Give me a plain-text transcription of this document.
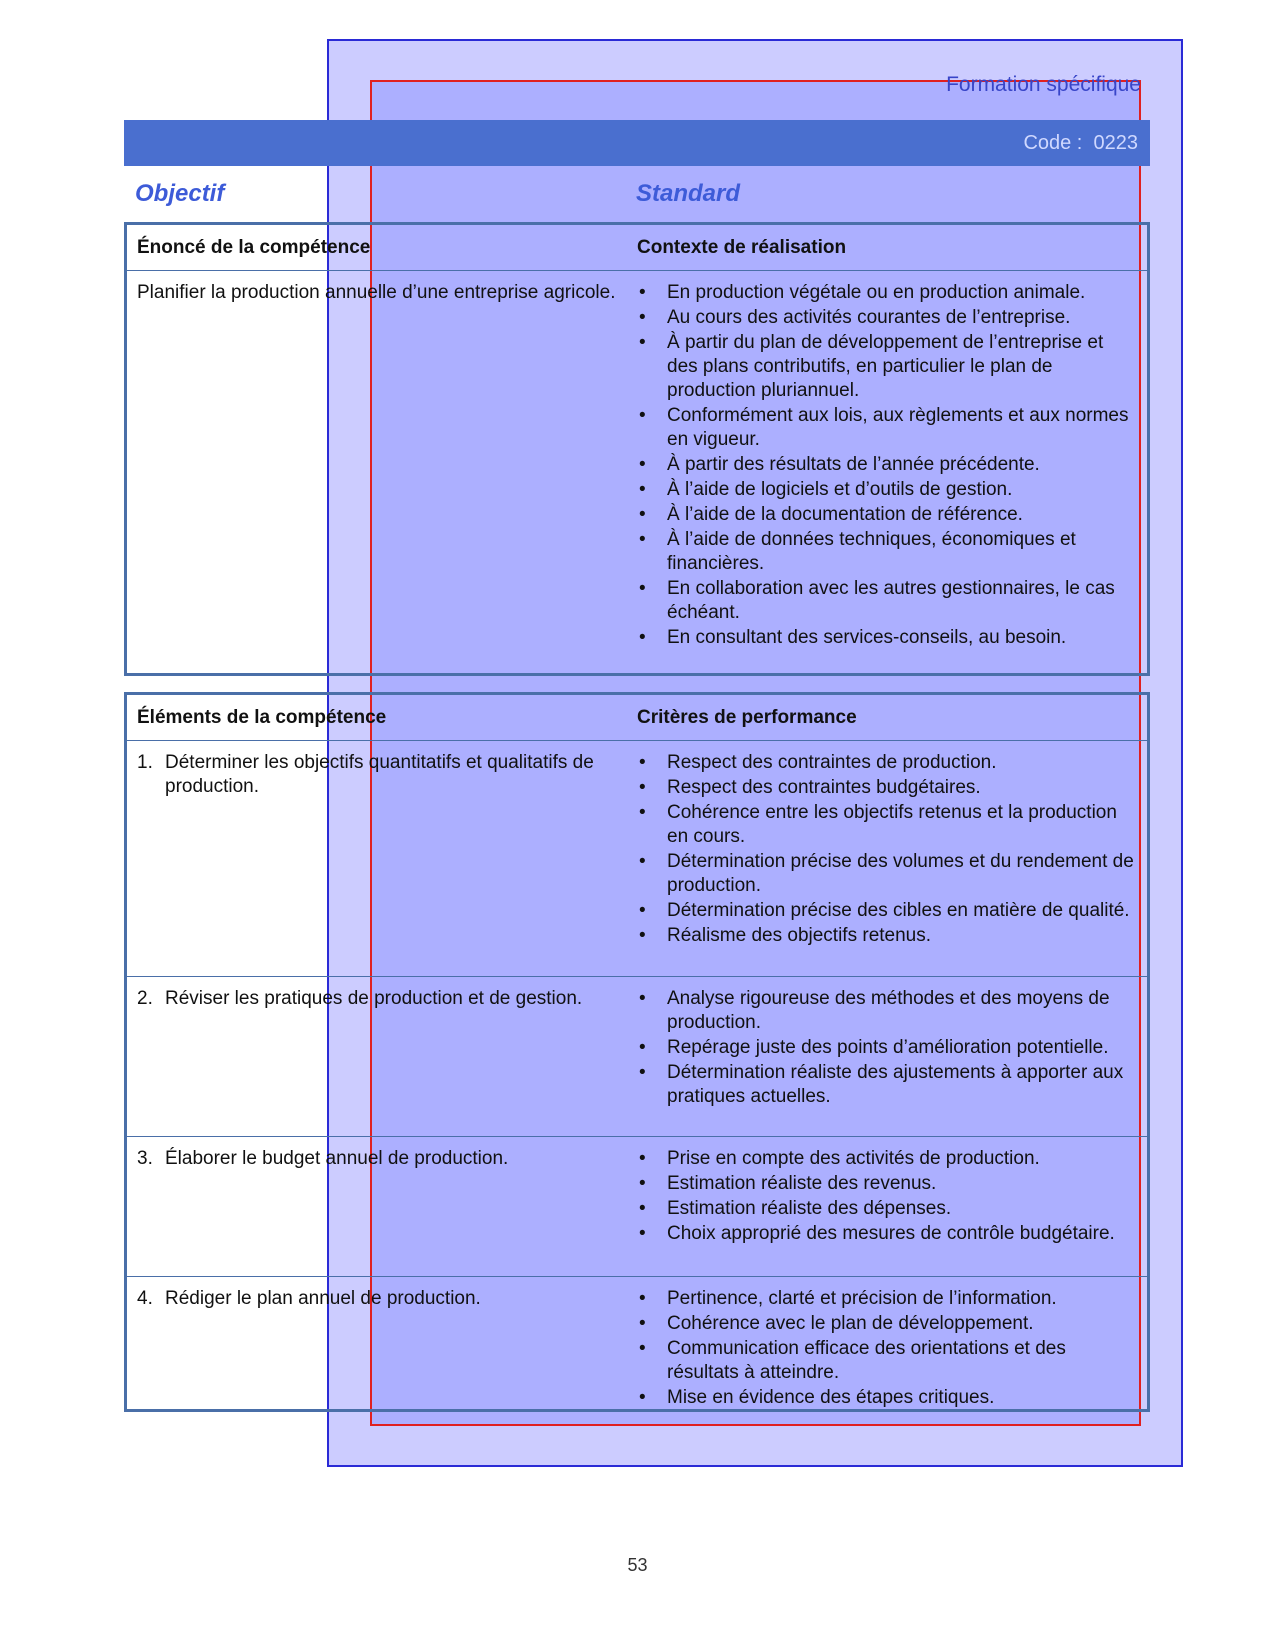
Formation spécifique
Code : 0223
Objectif	Standard
Énoncé de la compétence	Contexte de réalisation
Planifier la production annuelle d’une entreprise agricole.	• En production végétale ou en production animale.
• Au cours des activités courantes de l’entreprise.
• À partir du plan de développement de l’entreprise et des plans contributifs, en particulier le plan de production pluriannuel.
• Conformément aux lois, aux règlements et aux normes en vigueur.
• À partir des résultats de l’année précédente.
• À l’aide de logiciels et d’outils de gestion.
• À l’aide de la documentation de référence.
• À l’aide de données techniques, économiques et financières.
• En collaboration avec les autres gestionnaires, le cas échéant.
• En consultant des services-conseils, au besoin.
Éléments de la compétence	Critères de performance
1. Déterminer les objectifs quantitatifs et qualitatifs de production.
• Respect des contraintes de production.
• Respect des contraintes budgétaires.
• Cohérence entre les objectifs retenus et la production en cours.
• Détermination précise des volumes et du rendement de production.
• Détermination précise des cibles en matière de qualité.
• Réalisme des objectifs retenus.
2. Réviser les pratiques de production et de gestion.	• Analyse rigoureuse des méthodes et des moyens de production.
• Repérage juste des points d’amélioration potentielle.
• Détermination réaliste des ajustements à apporter aux pratiques actuelles.
3. Élaborer le budget annuel de production.	• Prise en compte des activités de production.
• Estimation réaliste des revenus.
• Estimation réaliste des dépenses.
• Choix approprié des mesures de contrôle budgétaire.
4. Rédiger le plan annuel de production.	• Pertinence, clarté et précision de l’information.
• Cohérence avec le plan de développement.
• Communication efficace des orientations et des résultats à atteindre.
• Mise en évidence des étapes critiques.
53
